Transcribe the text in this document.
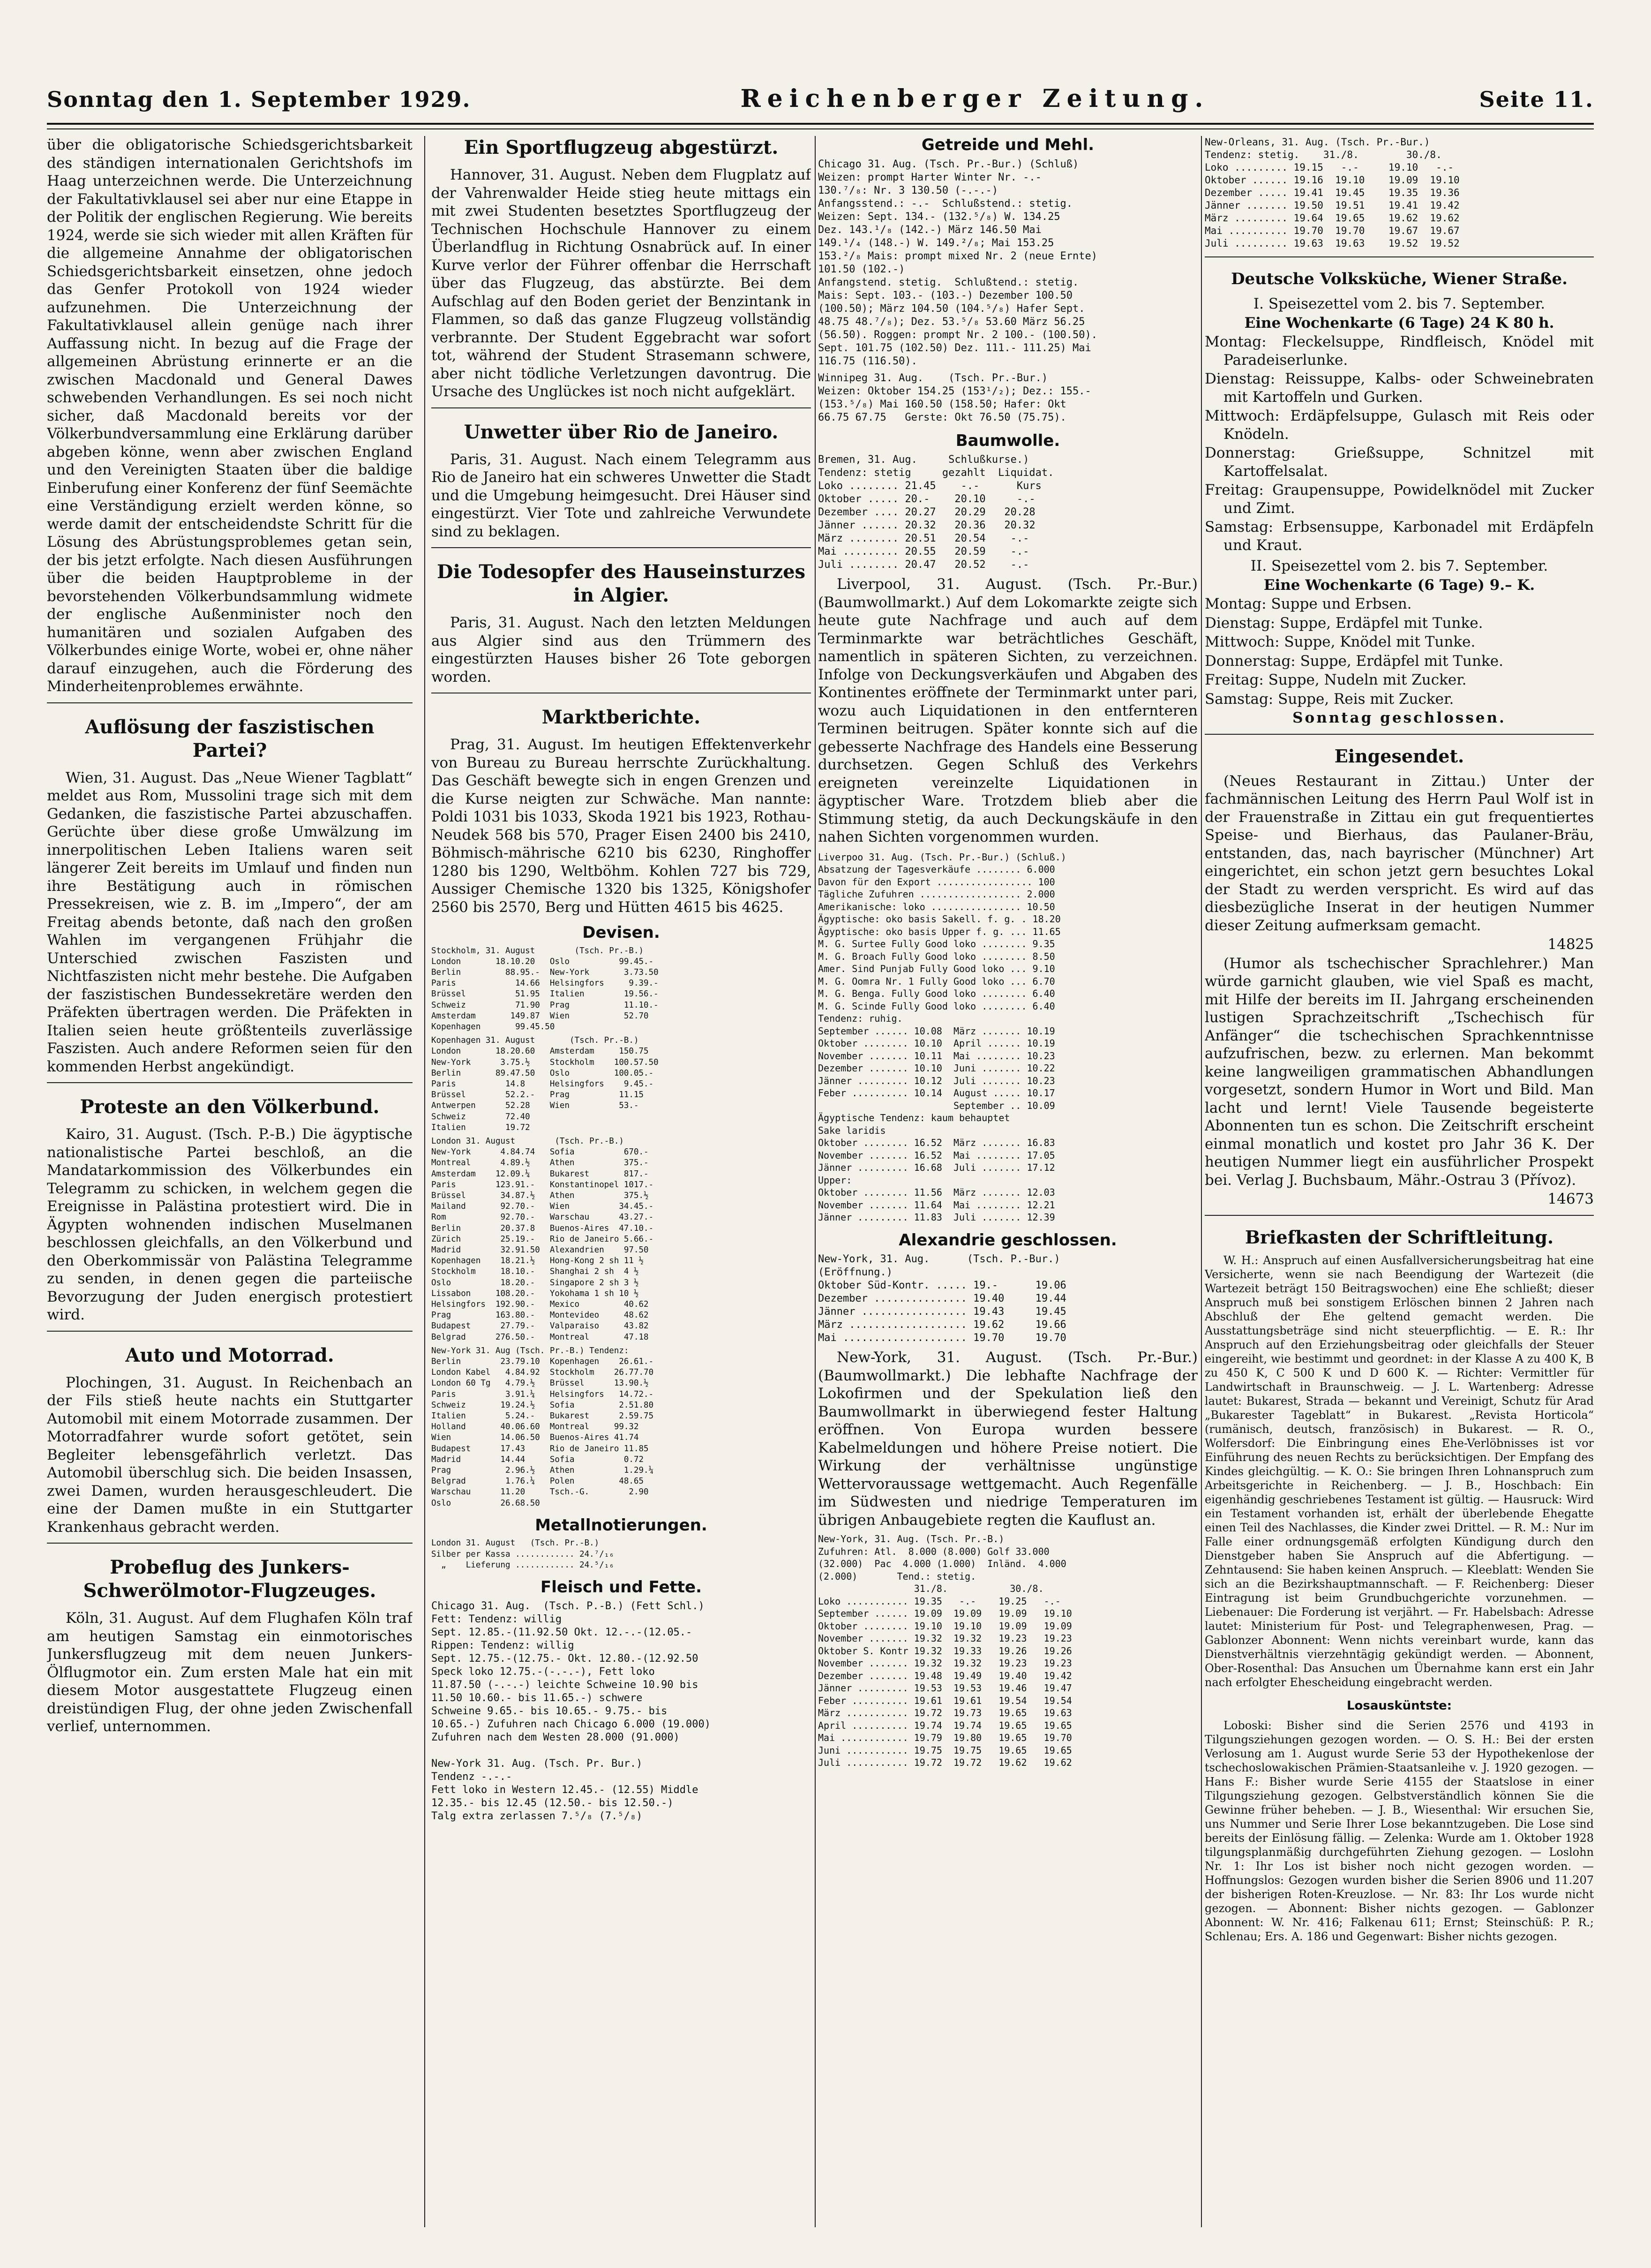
Sonntag den 1. September 1929.	Reichenberger Zeitung.	Seite 11.

über die obligatorische Schiedsgerichtsbarkeit des ständigen internationalen Gerichtshofs im Haag unterzeichnen werde. Die Unterzeichnung der Fakultativklausel sei aber nur eine Etappe in der Politik der englischen Regierung. Wie bereits 1924, werde sie sich wieder mit allen Kräften für die allgemeine Annahme der obligatorischen Schiedsgerichtsbarkeit einsetzen, ohne jedoch das Genfer Protokoll von 1924 wieder aufzunehmen. Die Unterzeichnung der Fakultativklausel allein genüge nach ihrer Auffassung nicht. In bezug auf die Frage der allgemeinen Abrüstung erinnerte er an die zwischen Macdonald und General Dawes schwebenden Verhandlungen. Es sei noch nicht sicher, daß Macdonald bereits vor der Völkerbundversammlung eine Erklärung darüber abgeben könne, wenn aber zwischen England und den Vereinigten Staaten über die baldige Einberufung einer Konferenz der fünf Seemächte eine Verständigung erzielt werden könne, so werde damit der entscheidendste Schritt für die Lösung des Abrüstungsproblemes getan sein, der bis jetzt erfolgte. Nach diesen Ausführungen über die beiden Hauptprobleme in der bevorstehenden Völkerbundsammlung widmete der englische Außenminister noch den humanitären und sozialen Aufgaben des Völkerbundes einige Worte, wobei er, ohne näher darauf einzugehen, auch die Förderung des Minderheitenproblemes erwähnte.

Auflösung der faszistischen Partei?

Wien, 31. August. Das „Neue Wiener Tagblatt“ meldet aus Rom, Mussolini trage sich mit dem Gedanken, die faszistische Partei abzuschaffen. Gerüchte über diese große Umwälzung im innerpolitischen Leben Italiens waren seit längerer Zeit bereits im Umlauf und finden nun ihre Bestätigung auch in römischen Pressekreisen, wie z. B. im „Impero“, der am Freitag abends betonte, daß nach den großen Wahlen im vergangenen Frühjahr die Unterschied zwischen Faszisten und Nichtfaszisten nicht mehr bestehe. Die Aufgaben der faszistischen Bundessekretäre werden den Präfekten übertragen werden. Die Präfekten in Italien seien heute größtenteils zuverlässige Faszisten. Auch andere Reformen seien für den kommenden Herbst angekündigt.

Proteste an den Völkerbund.

Kairo, 31. August. (Tsch. P.-B.) Die ägyptische nationalistische Partei beschloß, an die Mandatarkommission des Völkerbundes ein Telegramm zu schicken, in welchem gegen die Ereignisse in Palästina protestiert wird. Die in Ägypten wohnenden indischen Muselmanen beschlossen gleichfalls, an den Völkerbund und den Oberkommissär von Palästina Telegramme zu senden, in denen gegen die parteiische Bevorzugung der Juden energisch protestiert wird.

Auto und Motorrad.

Plochingen, 31. August. In Reichenbach an der Fils stieß heute nachts ein Stuttgarter Automobil mit einem Motorrade zusammen. Der Motorradfahrer wurde sofort getötet, sein Begleiter lebensgefährlich verletzt. Das Automobil überschlug sich. Die beiden Insassen, zwei Damen, wurden herausgeschleudert. Die eine der Damen mußte in ein Stuttgarter Krankenhaus gebracht werden.

Probeflug des Junkers-Schwerölmotor-Flugzeuges.

Köln, 31. August. Auf dem Flughafen Köln traf am heutigen Samstag ein einmotorisches Junkersflugzeug mit dem neuen Junkers-Ölflugmotor ein. Zum ersten Male hat ein mit diesem Motor ausgestattete Flugzeug einen dreistündigen Flug, der ohne jeden Zwischenfall verlief, unternommen.

Ein Sportflugzeug abgestürzt.

Hannover, 31. August. Neben dem Flugplatz auf der Vahrenwalder Heide stieg heute mittags ein mit zwei Studenten besetztes Sportflugzeug der Technischen Hochschule Hannover zu einem Überlandflug in Richtung Osnabrück auf. In einer Kurve verlor der Führer offenbar die Herrschaft über das Flugzeug, das abstürzte. Bei dem Aufschlag auf den Boden geriet der Benzintank in Flammen, so daß das ganze Flugzeug vollständig verbrannte. Der Student Eggebracht war sofort tot, während der Student Strasemann schwere, aber nicht tödliche Verletzungen davontrug. Die Ursache des Unglückes ist noch nicht aufgeklärt.

Unwetter über Rio de Janeiro.

Paris, 31. August. Nach einem Telegramm aus Rio de Janeiro hat ein schweres Unwetter die Stadt und die Umgebung heimgesucht. Drei Häuser sind eingestürzt. Vier Tote und zahlreiche Verwundete sind zu beklagen.

Die Todesopfer des Hauseinsturzes in Algier.

Paris, 31. August. Nach den letzten Meldungen aus Algier sind aus den Trümmern des eingestürzten Hauses bisher 26 Tote geborgen worden.

Marktberichte.

Prag, 31. August. Im heutigen Effektenverkehr von Bureau zu Bureau herrschte Zurückhaltung. Das Geschäft bewegte sich in engen Grenzen und die Kurse neigten zur Schwäche. Man nannte: Poldi 1031 bis 1033, Skoda 1921 bis 1923, Rothau-Neudek 568 bis 570, Prager Eisen 2400 bis 2410, Böhmisch-mährische 6210 bis 6230, Ringhoffer 1280 bis 1290, Weltböhm. Kohlen 727 bis 729, Aussiger Chemische 1320 bis 1325, Königshofer 2560 bis 2570, Berg und Hütten 4615 bis 4625.

Devisen.
Stockholm, 31. August        (Tsch. Pr.-B.)
London       18.10.20   Oslo          99.45.-
Berlin         88.95.-  New-York       3.73.50
Paris            14.66  Helsingfors     9.39.-
Brüssel          51.95  Italien        19.56.-
Schweiz          71.90  Prag           11.10.-
Amsterdam       149.87  Wien           52.70
Kopenhagen       99.45.50
Kopenhagen 31. August       (Tsch. Pr.-B.)
London       18.20.60   Amsterdam     150.75
New-York      3.75.½    Stockholm    100.57.50
Berlin       89.47.50   Oslo         100.05.-
Paris          14.8     Helsingfors    9.45.-
Brüssel        52.2.-   Prag          11.15
Antwerpen      52.28    Wien          53.-
Schweiz        72.40
Italien        19.72
London 31. August        (Tsch. Pr.-B.)
New-York      4.84.74   Sofia          670.-
Montreal      4.89.½    Athen          375.-
Amsterdam    12.09.¼    Bukarest       817.-
Paris        123.91.-   Konstantinopel 1017.-
Brüssel       34.87.½   Athen          375.½
Mailand       92.70.-   Wien          34.45.-
Rom           92.70.-   Warschau      43.27.-
Berlin        20.37.8   Buenos-Aires  47.10.-
Zürich        25.19.-   Rio de Janeiro 5.66.-
Madrid        32.91.50  Alexandrien    97.50
Kopenhagen    18.21.½   Hong-Kong 2 sh 11 ½
Stockholm     18.10.-   Shanghai 2 sh  4 ½
Oslo          18.20.-   Singapore 2 sh 3 ½
Lissabon     108.20.-   Yokohama 1 sh 10 ½
Helsingfors  192.90.-   Mexico         40.62
Prag         163.80.-   Montevideo     48.62
Budapest      27.79.-   Valparaiso     43.82
Belgrad      276.50.-   Montreal       47.18
New-York 31. Aug (Tsch. Pr.-B.) Tendenz:
Berlin        23.79.10  Kopenhagen    26.61.-
London Kabel   4.84.92  Stockholm    26.77.70
London 60 Tg   4.79.½   Brüssel      13.90.½
Paris          3.91.¼   Helsingfors   14.72.-
Schweiz       19.24.½   Sofia         2.51.80
Italien        5.24.-   Bukarest      2.59.75
Holland       40.06.60  Montreal     99.32
Wien          14.06.50  Buenos-Aires 41.74
Budapest      17.43     Rio de Janeiro 11.85
Madrid        14.44     Sofia          0.72
Prag           2.96.½   Athen          1.29.¼
Belgrad        1.76.¼   Polen         48.65
Warschau      11.20     Tsch.-G.        2.90
Oslo          26.68.50
Metallnotierungen.
London 31. August   (Tsch. Pr.-B.)
Silber per Kassa ............ 24.⁷/₁₆
„    Lieferung ............ 24.⁵/₁₆
Fleisch und Fette.
Chicago 31. Aug.  (Tsch. P.-B.) (Fett Schl.)
Fett: Tendenz: willig
Sept. 12.85.-(11.92.50 Okt. 12.-.-(12.05.-
Rippen: Tendenz: willig
Sept. 12.75.-(12.75.- Okt. 12.80.-(12.92.50
Speck loko 12.75.-(-.-.-), Fett loko
11.87.50 (-.-.-) leichte Schweine 10.90 bis
11.50 10.60.- bis 11.65.-) schwere
Schweine 9.65.- bis 10.65.- 9.75.- bis
10.65.-) Zufuhren nach Chicago 6.000 (19.000)
Zufuhren nach dem Westen 28.000 (91.000)

New-York 31. Aug. (Tsch. Pr. Bur.)
Tendenz -.-.-
Fett loko in Western 12.45.- (12.55) Middle
12.35.- bis 12.45 (12.50.- bis 12.50.-)
Talg extra zerlassen 7.⁵/₈ (7.⁵/₈)
Getreide und Mehl.
Chicago 31. Aug. (Tsch. Pr.-Bur.) (Schluß)
Weizen: prompt Harter Winter Nr. -.-
130.⁷/₈: Nr. 3 130.50 (-.-.-)
Anfangsstend.: -.-  Schlußstend.: stetig.
Weizen: Sept. 134.- (132.⁵/₈) W. 134.25
Dez. 143.¹/₈ (142.-) März 146.50 Mai
149.¹/₄ (148.-) W. 149.²/₈; Mai 153.25
153.²/₈ Mais: prompt mixed Nr. 2 (neue Ernte)
101.50 (102.-)
Anfangstend. stetig.  Schlußtend.: stetig.
Mais: Sept. 103.- (103.-) Dezember 100.50
(100.50); März 104.50 (104.⁵/₈) Hafer Sept.
48.75 48.⁷/₈); Dez. 53.⁵/₈ 53.60 März 56.25
(56.50). Roggen: prompt Nr. 2 100.- (100.50).
Sept. 101.75 (102.50) Dez. 111.- 111.25) Mai
116.75 (116.50).
Winnipeg 31. Aug.    (Tsch. Pr.-Bur.)
Weizen: Oktober 154.25 (153¹/₂); Dez.: 155.-
(153.⁵/₈) Mai 160.50 (158.50; Hafer: Okt
66.75 67.75   Gerste: Okt 76.50 (75.75).
Baumwolle.
Bremen, 31. Aug.     Schlußkurse.)
Tendenz: stetig     gezahlt  Liquidat.
Loko ........ 21.45    -.-      Kurs
Oktober ..... 20.-    20.10     -.-
Dezember .... 20.27   20.29   20.28
Jänner ...... 20.32   20.36   20.32
März ........ 20.51   20.54    -.-
Mai ......... 20.55   20.59    -.-
Juli ........ 20.47   20.52    -.-

Liverpool, 31. August. (Tsch. Pr.-Bur.) (Baumwollmarkt.) Auf dem Lokomarkte zeigte sich heute gute Nachfrage und auch auf dem Terminmarkte war beträchtliches Geschäft, namentlich in späteren Sichten, zu verzeichnen. Infolge von Deckungsverkäufen und Abgaben des Kontinentes eröffnete der Terminmarkt unter pari, wozu auch Liquidationen in den entfernteren Terminen beitrugen. Später konnte sich auf die gebesserte Nachfrage des Handels eine Besserung durchsetzen. Gegen Schluß des Verkehrs ereigneten vereinzelte Liquidationen in ägyptischer Ware. Trotzdem blieb aber die Stimmung stetig, da auch Deckungskäufe in den nahen Sichten vorgenommen wurden.

Liverpoo 31. Aug. (Tsch. Pr.-Bur.) (Schluß.)
Absatzung der Tagesverkäufe ........ 6.000
Davon für den Export ................. 100
Tägliche Zufuhren .................. 2.000
Amerikanische: loko ................ 10.50
Ägyptische: oko basis Sakell. f. g. . 18.20
Ägyptische: oko basis Upper f. g. ... 11.65
M. G. Surtee Fully Good loko ........ 9.35
M. G. Broach Fully Good loko ........ 8.50
Amer. Sind Punjab Fully Good loko ... 9.10
M. G. Oomra Nr. 1 Fully Good loko ... 6.70
M. G. Benga. Fully Good loko ........ 6.40
M. G. Scinde Fully Good loko ........ 6.40
Tendenz: ruhig.
September ...... 10.08  März ....... 10.19
Oktober ........ 10.10  April ...... 10.19
November ....... 10.11  Mai ........ 10.23
Dezember ....... 10.10  Juni ....... 10.22
Jänner ......... 10.12  Juli ....... 10.23
Feber .......... 10.14  August ..... 10.17
September .. 10.09
Ägyptische Tendenz: kaum behauptet
Sake laridis
Oktober ........ 16.52  März ....... 16.83
November ....... 16.52  Mai ........ 17.05
Jänner ......... 16.68  Juli ....... 17.12
Upper:
Oktober ........ 11.56  März ....... 12.03
November ....... 11.64  Mai ........ 12.21
Jänner ......... 11.83  Juli ....... 12.39
Alexandrie geschlossen.
New-York, 31. Aug.      (Tsch. P.-Bur.)
(Eröffnung.)
Oktober Süd-Kontr. ..... 19.-      19.06
Dezember ............... 19.40     19.44
Jänner ................. 19.43     19.45
März ................... 19.62     19.66
Mai .................... 19.70     19.70

New-York, 31. August. (Tsch. Pr.-Bur.) (Baumwollmarkt.) Die lebhafte Nachfrage der Lokofirmen und der Spekulation ließ den Baumwollmarkt in überwiegend fester Haltung eröffnen. Von Europa wurden bessere Kabelmeldungen und höhere Preise notiert. Die Wirkung der verhältnisse ungünstige Wettervoraussage wettgemacht. Auch Regenfälle im Südwesten und niedrige Temperaturen im übrigen Anbaugebiete regten die Kauflust an.

New-York, 31. Aug. (Tsch. Pr.-B.)
Zufuhren: Atl.  8.000 (8.000) Golf 33.000
(32.000)  Pac  4.000 (1.000)  Inländ.  4.000
(2.000)       Tend.: stetig.
31./8.           30./8.
Loko ........... 19.35   -.-    19.25   -.-
September ...... 19.09  19.09   19.09   19.10
Oktober ........ 19.10  19.10   19.09   19.09
November ....... 19.32  19.32   19.23   19.23
Oktober S. Kontr 19.32  19.33   19.26   19.26
November ....... 19.32  19.32   19.23   19.23
Dezember ....... 19.48  19.49   19.40   19.42
Jänner ......... 19.53  19.53   19.46   19.47
Feber .......... 19.61  19.61   19.54   19.54
März ........... 19.72  19.73   19.65   19.63
April .......... 19.74  19.74   19.65   19.65
Mai ............ 19.79  19.80   19.65   19.70
Juni ........... 19.75  19.75   19.65   19.65
Juli ........... 19.72  19.72   19.62   19.62
New-Orleans, 31. Aug. (Tsch. Pr.-Bur.)
Tendenz: stetig.    31./8.        30./8.
Loko ......... 19.15   -.-     19.10   -.-
Oktober ...... 19.16  19.10    19.09  19.10
Dezember ..... 19.41  19.45    19.35  19.36
Jänner ....... 19.50  19.51    19.41  19.42
März ......... 19.64  19.65    19.62  19.62
Mai .......... 19.70  19.70    19.67  19.67
Juli ......... 19.63  19.63    19.52  19.52
Deutsche Volksküche, Wiener Straße.

I. Speisezettel vom 2. bis 7. September.

Eine Wochenkarte (6 Tage) 24 K 80 h.

Montag: Fleckelsuppe, Rindfleisch, Knödel mit Paradeiserlunke.

Dienstag: Reissuppe, Kalbs- oder Schweinebraten mit Kartoffeln und Gurken.

Mittwoch: Erdäpfelsuppe, Gulasch mit Reis oder Knödeln.

Donnerstag: Grießsuppe, Schnitzel mit Kartoffelsalat.

Freitag: Graupensuppe, Powidelknödel mit Zucker und Zimt.

Samstag: Erbsensuppe, Karbonadel mit Erdäpfeln und Kraut.

II. Speisezettel vom 2. bis 7. September.

Eine Wochenkarte (6 Tage) 9.– K.

Montag: Suppe und Erbsen.

Dienstag: Suppe, Erdäpfel mit Tunke.

Mittwoch: Suppe, Knödel mit Tunke.

Donnerstag: Suppe, Erdäpfel mit Tunke.

Freitag: Suppe, Nudeln mit Zucker.

Samstag: Suppe, Reis mit Zucker.

Sonntag geschlossen.

Eingesendet.

(Neues Restaurant in Zittau.) Unter der fachmännischen Leitung des Herrn Paul Wolf ist in der Frauenstraße in Zittau ein gut frequentiertes Speise- und Bierhaus, das Paulaner-Bräu, entstanden, das, nach bayrischer (Münchner) Art eingerichtet, ein schon jetzt gern besuchtes Lokal der Stadt zu werden verspricht. Es wird auf das diesbezügliche Inserat in der heutigen Nummer dieser Zeitung aufmerksam gemacht.

14825

(Humor als tschechischer Sprachlehrer.) Man würde garnicht glauben, wie viel Spaß es macht, mit Hilfe der bereits im II. Jahrgang erscheinenden lustigen Sprachzeitschrift „Tschechisch für Anfänger“ die tschechischen Sprachkenntnisse aufzufrischen, bezw. zu erlernen. Man bekommt keine langweiligen grammatischen Abhandlungen vorgesetzt, sondern Humor in Wort und Bild. Man lacht und lernt! Viele Tausende begeisterte Abonnenten tun es schon. Die Zeitschrift erscheint einmal monatlich und kostet pro Jahr 36 K. Der heutigen Nummer liegt ein ausführlicher Prospekt bei. Verlag J. Buchsbaum, Mähr.-Ostrau 3 (Přívoz).

14673

Briefkasten der Schriftleitung.

W. H.: Anspruch auf einen Ausfallversicherungsbeitrag hat eine Versicherte, wenn sie nach Beendigung der Wartezeit (die Wartezeit beträgt 150 Beitragswochen) eine Ehe schließt; dieser Anspruch muß bei sonstigem Erlöschen binnen 2 Jahren nach Abschluß der Ehe geltend gemacht werden. Die Ausstattungsbeträge sind nicht steuerpflichtig. — E. R.: Ihr Anspruch auf den Erziehungsbeitrag oder gleichfalls der Steuer eingereiht, wie bestimmt und geordnet: in der Klasse A zu 400 K, B zu 450 K, C 500 K und D 600 K. — Richter: Vermittler für Landwirtschaft in Braunschweig. — J. L. Wartenberg: Adresse lautet: Bukarest, Strada — bekannt und Vereinigt, Schutz für Arad „Bukarester Tageblatt“ in Bukarest. „Revista Horticola“ (rumänisch, deutsch, französisch) in Bukarest. — R. O., Wolfersdorf: Die Einbringung eines Ehe-Verlöbnisses ist vor Einführung des neuen Rechts zu berücksichtigen. Der Empfang des Kindes gleichgültig. — K. O.: Sie bringen Ihren Lohnanspruch zum Arbeitsgerichte in Reichenberg. — J. B., Hoschbach: Ein eigenhändig geschriebenes Testament ist gültig. — Hausruck: Wird ein Testament vorhanden ist, erhält der überlebende Ehegatte einen Teil des Nachlasses, die Kinder zwei Drittel. — R. M.: Nur im Falle einer ordnungsgemäß erfolgten Kündigung durch den Dienstgeber haben Sie Anspruch auf die Abfertigung. — Zehntausend: Sie haben keinen Anspruch. — Kleeblatt: Wenden Sie sich an die Bezirkshauptmannschaft. — F. Reichenberg: Dieser Eintragung ist beim Grundbuchgerichte vorzunehmen. — Liebenauer: Die Forderung ist verjährt. — Fr. Habelsbach: Adresse lautet: Ministerium für Post- und Telegraphenwesen, Prag. — Gablonzer Abonnent: Wenn nichts vereinbart wurde, kann das Dienstverhältnis vierzehntägig gekündigt werden. — Abonnent, Ober-Rosenthal: Das Ansuchen um Übernahme kann erst ein Jahr nach erfolgter Ehescheidung eingebracht werden.

Losausküntste:

Loboski: Bisher sind die Serien 2576 und 4193 in Tilgungsziehungen gezogen worden. — O. S. H.: Bei der ersten Verlosung am 1. August wurde Serie 53 der Hypothekenlose der tschechoslowakischen Prämien-Staatsanleihe v. J. 1920 gezogen. — Hans F.: Bisher wurde Serie 4155 der Staatslose in einer Tilgungsziehung gezogen. Gelbstverständlich können Sie die Gewinne früher beheben. — J. B., Wiesenthal: Wir ersuchen Sie, uns Nummer und Serie Ihrer Lose bekanntzugeben. Die Lose sind bereits der Einlösung fällig. — Zelenka: Wurde am 1. Oktober 1928 tilgungsplanmäßig durchgeführten Ziehung gezogen. — Loslohn Nr. 1: Ihr Los ist bisher noch nicht gezogen worden. — Hoffnungslos: Gezogen wurden bisher die Serien 8906 und 11.207 der bisherigen Roten-Kreuzlose. — Nr. 83: Ihr Los wurde nicht gezogen. — Abonnent: Bisher nichts gezogen. — Gablonzer Abonnent: W. Nr. 416; Falkenau 611; Ernst; Steinschüß: P. R.; Schlenau; Ers. A. 186 und Gegenwart: Bisher nichts gezogen.
